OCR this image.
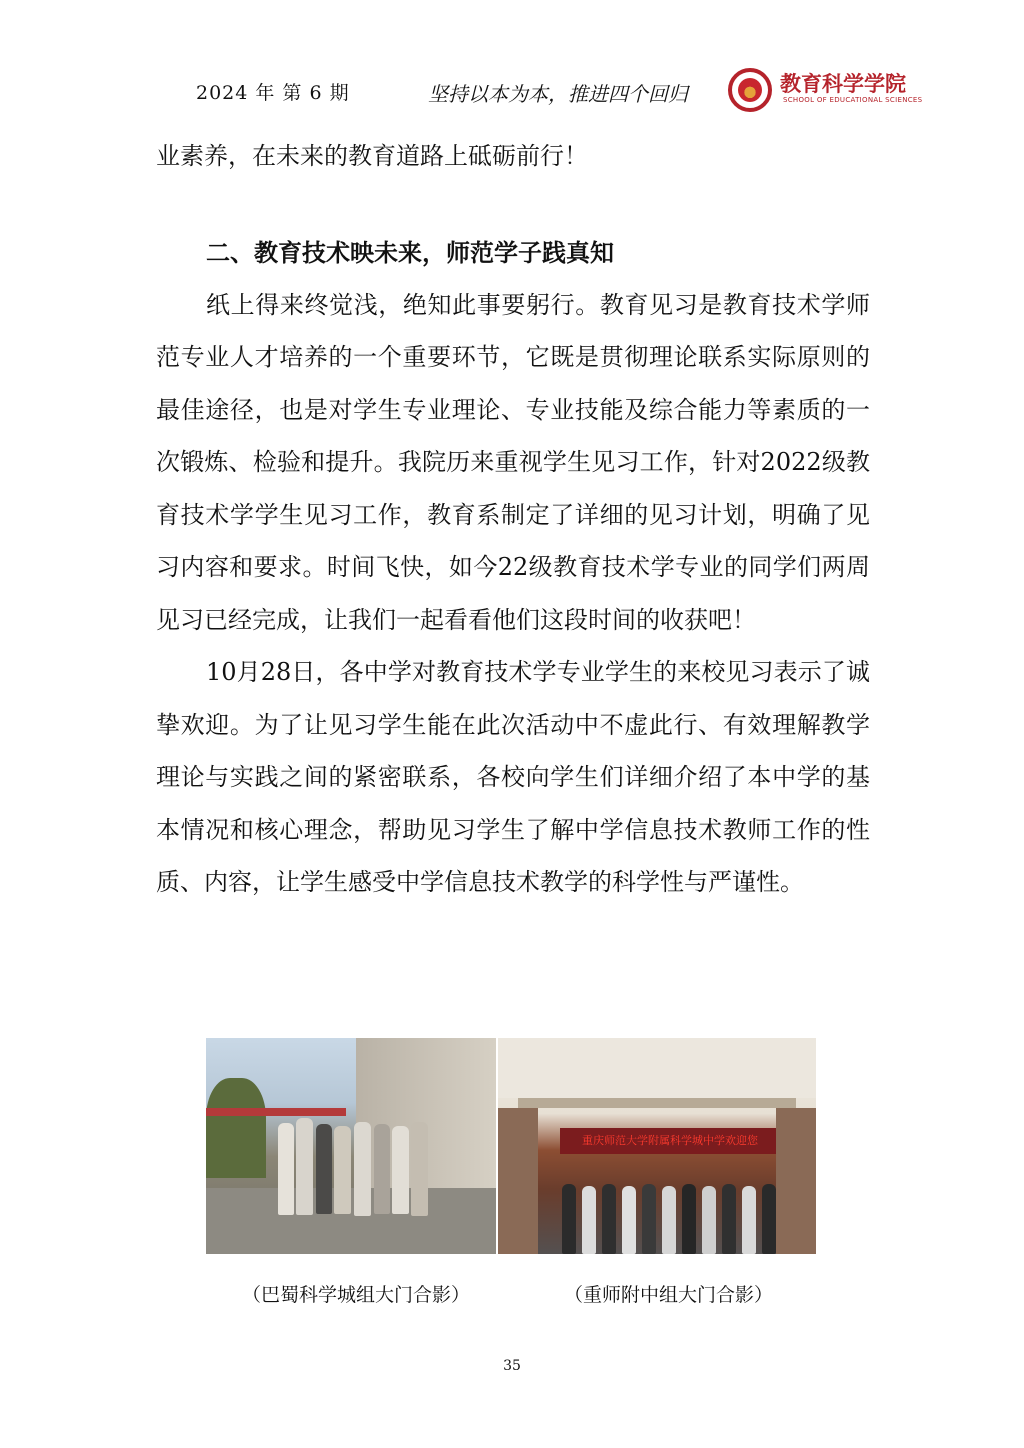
2024 年 第 6 期	坚持以本为本，推进四个回归	教育科学学院
SCHOOL OF EDUCATIONAL SCIENCES

业素养，在未来的教育道路上砥砺前行！

二、教育技术映未来，师范学子践真知

纸上得来终觉浅，绝知此事要躬行。教育见习是教育技术学师范专业人才培养的一个重要环节，它既是贯彻理论联系实际原则的最佳途径，也是对学生专业理论、专业技能及综合能力等素质的一次锻炼、检验和提升。我院历来重视学生见习工作，针对2022级教育技术学学生见习工作，教育系制定了详细的见习计划，明确了见习内容和要求。时间飞快，如今22级教育技术学专业的同学们两周见习已经完成，让我们一起看看他们这段时间的收获吧！

10月28日，各中学对教育技术学专业学生的来校见习表示了诚挚欢迎。为了让见习学生能在此次活动中不虚此行、有效理解教学理论与实践之间的紧密联系，各校向学生们详细介绍了本中学的基本情况和核心理念，帮助见习学生了解中学信息技术教师工作的性质、内容，让学生感受中学信息技术教学的科学性与严谨性。

重庆师范大学附属科学城中学欢迎您
（巴蜀科学城组大门合影）	（重师附中组大门合影）
35
